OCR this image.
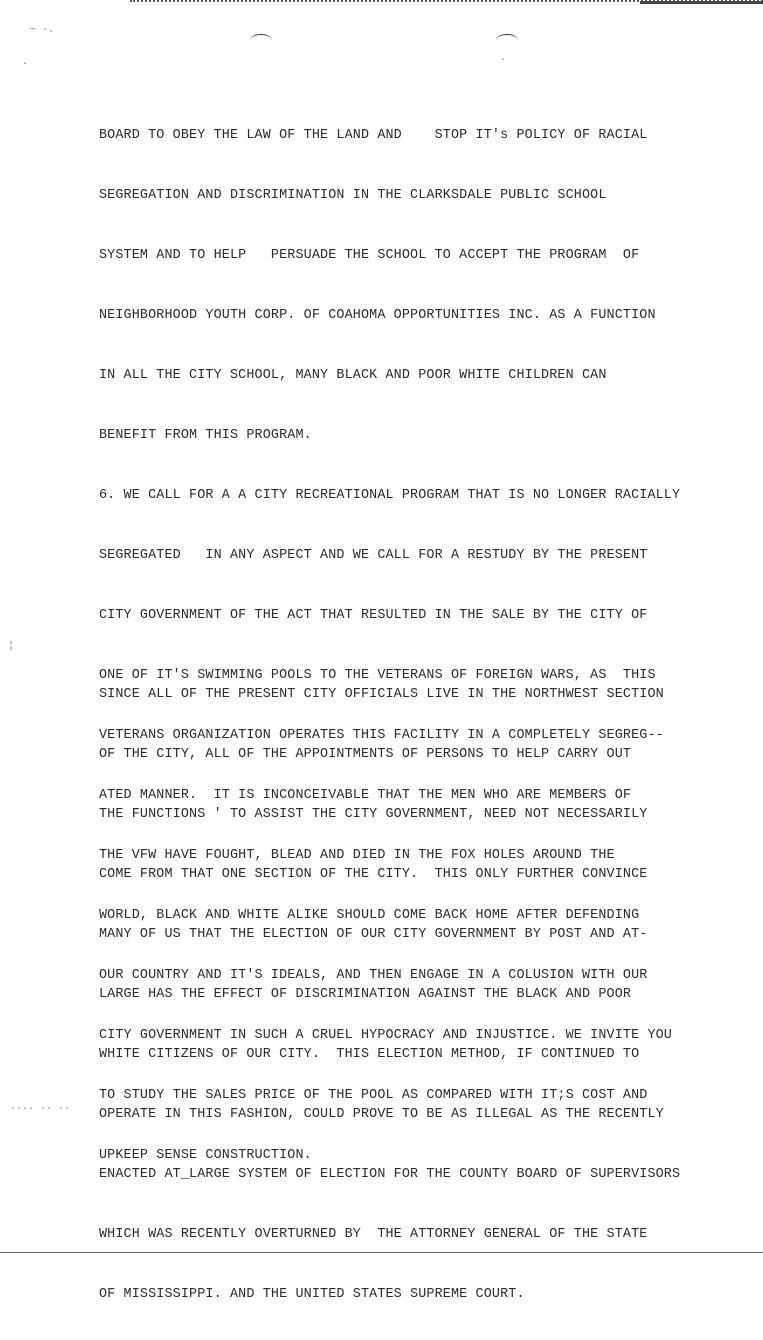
~ -.
·	·
¦
.... .. ..

BOARD TO OBEY THE LAW OF THE LAND AND    STOP IT's POLICY OF RACIAL

SEGREGATION AND DISCRIMINATION IN THE CLARKSDALE PUBLIC SCHOOL

SYSTEM AND TO HELP   PERSUADE THE SCHOOL TO ACCEPT THE PROGRAM  OF

NEIGHBORHOOD YOUTH CORP. OF COAHOMA OPPORTUNITIES INC. AS A FUNCTION

IN ALL THE CITY SCHOOL, MANY BLACK AND POOR WHITE CHILDREN CAN

BENEFIT FROM THIS PROGRAM.

6. WE CALL FOR A A CITY RECREATIONAL PROGRAM THAT IS NO LONGER RACIALLY

SEGREGATED   IN ANY ASPECT AND WE CALL FOR A RESTUDY BY THE PRESENT

CITY GOVERNMENT OF THE ACT THAT RESULTED IN THE SALE BY THE CITY OF

ONE OF IT'S SWIMMING POOLS TO THE VETERANS OF FOREIGN WARS, AS  THIS

VETERANS ORGANIZATION OPERATES THIS FACILITY IN A COMPLETELY SEGREG--

ATED MANNER.  IT IS INCONCEIVABLE THAT THE MEN WHO ARE MEMBERS OF

THE VFW HAVE FOUGHT, BLEAD AND DIED IN THE FOX HOLES AROUND THE

WORLD, BLACK AND WHITE ALIKE SHOULD COME BACK HOME AFTER DEFENDING

OUR COUNTRY AND IT'S IDEALS, AND THEN ENGAGE IN A COLUSION WITH OUR

CITY GOVERNMENT IN SUCH A CRUEL HYPOCRACY AND INJUSTICE. WE INVITE YOU

TO STUDY THE SALES PRICE OF THE POOL AS COMPARED WITH IT;S COST AND

UPKEEP SENSE CONSTRUCTION.

SINCE ALL OF THE PRESENT CITY OFFICIALS LIVE IN THE NORTHWEST SECTION

OF THE CITY, ALL OF THE APPOINTMENTS OF PERSONS TO HELP CARRY OUT

THE FUNCTIONS ' TO ASSIST THE CITY GOVERNMENT, NEED NOT NECESSARILY

COME FROM THAT ONE SECTION OF THE CITY.  THIS ONLY FURTHER CONVINCE

MANY OF US THAT THE ELECTION OF OUR CITY GOVERNMENT BY POST AND AT-

LARGE HAS THE EFFECT OF DISCRIMINATION AGAINST THE BLACK AND POOR

WHITE CITIZENS OF OUR CITY.  THIS ELECTION METHOD, IF CONTINUED TO

OPERATE IN THIS FASHION, COULD PROVE TO BE AS ILLEGAL AS THE RECENTLY

ENACTED AT_LARGE SYSTEM OF ELECTION FOR THE COUNTY BOARD OF SUPERVISORS

WHICH WAS RECENTLY OVERTURNED BY  THE ATTORNEY GENERAL OF THE STATE

OF MISSISSIPPI. AND THE UNITED STATES SUPREME COURT.
